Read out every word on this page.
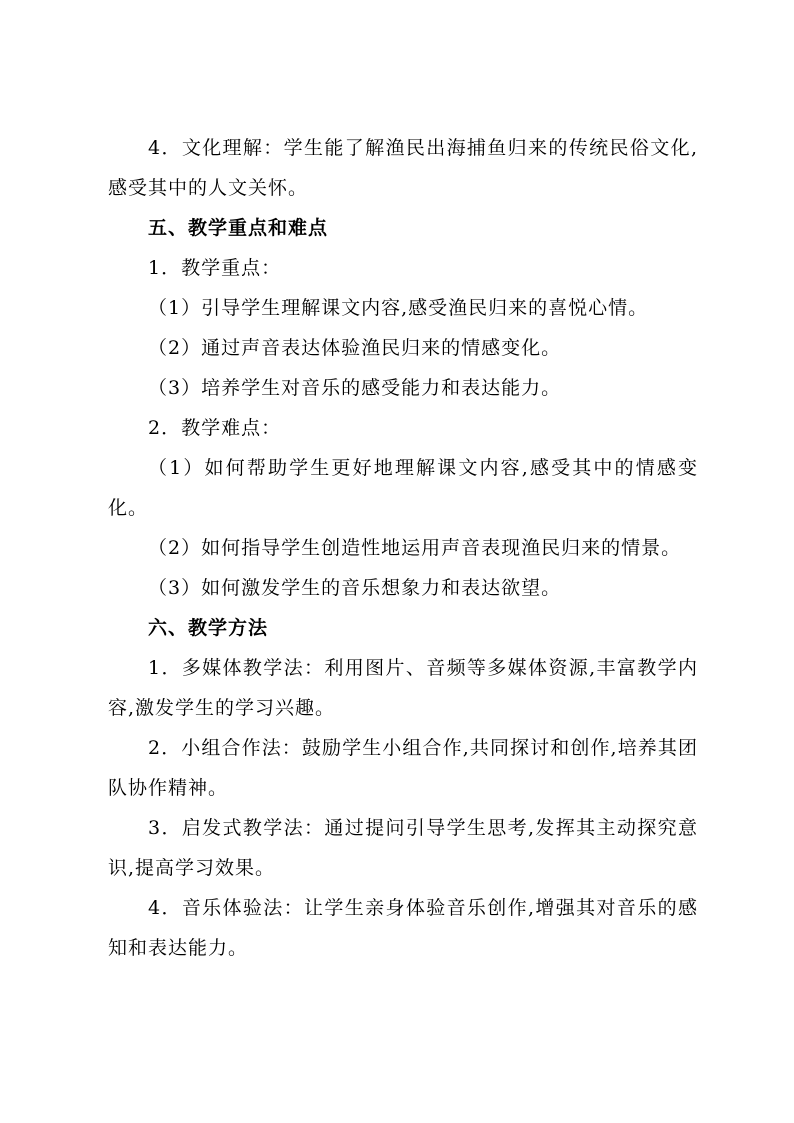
4．文化理解：学生能了解渔民出海捕鱼归来的传统民俗文化,感受其中的人文关怀。

五、教学重点和难点

1．教学重点：

（1）引导学生理解课文内容,感受渔民归来的喜悦心情。

（2）通过声音表达体验渔民归来的情感变化。

（3）培养学生对音乐的感受能力和表达能力。

2．教学难点：

（1）如何帮助学生更好地理解课文内容,感受其中的情感变化。

（2）如何指导学生创造性地运用声音表现渔民归来的情景。

（3）如何激发学生的音乐想象力和表达欲望。

六、教学方法

1．多媒体教学法：利用图片、音频等多媒体资源,丰富教学内容,激发学生的学习兴趣。

2．小组合作法：鼓励学生小组合作,共同探讨和创作,培养其团队协作精神。

3．启发式教学法：通过提问引导学生思考,发挥其主动探究意识,提高学习效果。

4．音乐体验法：让学生亲身体验音乐创作,增强其对音乐的感知和表达能力。
